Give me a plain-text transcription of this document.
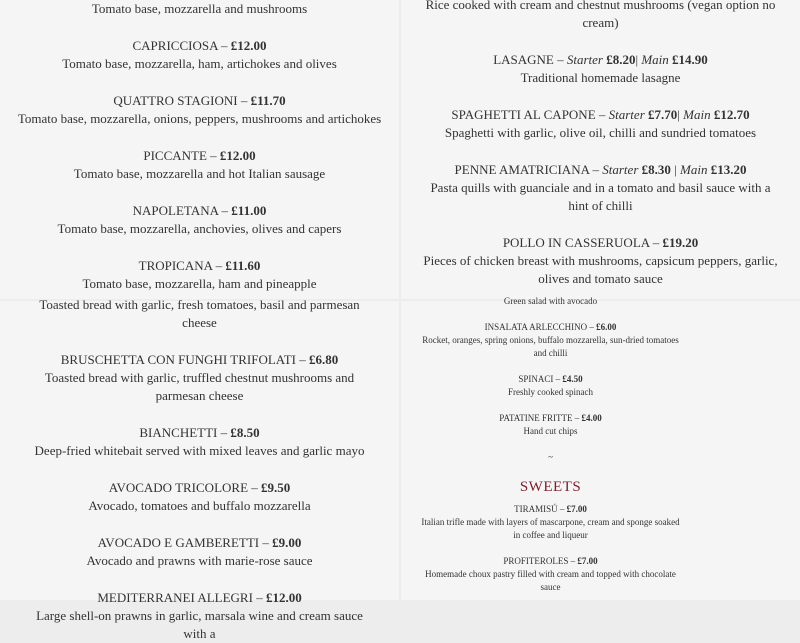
Tomato base, mozzarella and mushrooms

CAPRICCIOSA – £12.00

Tomato base, mozzarella, ham, artichokes and olives

QUATTRO STAGIONI – £11.70

Tomato base, mozzarella, onions, peppers, mushrooms and artichokes

PICCANTE – £12.00

Tomato base, mozzarella and hot Italian sausage

NAPOLETANA – £11.00

Tomato base, mozzarella, anchovies, olives and capers

TROPICANA – £11.60

Tomato base, mozzarella, ham and pineapple

Rice cooked with cream and chestnut mushrooms (vegan option no cream)

LASAGNE – Starter £8.20| Main £14.90

Traditional homemade lasagne

SPAGHETTI AL CAPONE – Starter £7.70| Main £12.70

Spaghetti with garlic, olive oil, chilli and sundried tomatoes

PENNE AMATRICIANA – Starter £8.30 | Main £13.20

Pasta quills with guanciale and in a tomato and basil sauce with a hint of chilli

POLLO IN CASSERUOLA – £19.20

Pieces of chicken breast with mushrooms, capsicum peppers, garlic, olives and tomato sauce

Toasted bread with garlic, fresh tomatoes, basil and parmesan cheese

BRUSCHETTA CON FUNGHI TRIFOLATI – £6.80

Toasted bread with garlic, truffled chestnut mushrooms and parmesan cheese

BIANCHETTI – £8.50

Deep-fried whitebait served with mixed leaves and garlic mayo

AVOCADO TRICOLORE – £9.50

Avocado, tomatoes and buffalo mozzarella

AVOCADO E GAMBERETTI – £9.00

Avocado and prawns with marie-rose sauce

MEDITERRANEI ALLEGRI – £12.00

Large shell-on prawns in garlic, marsala wine and cream sauce with a

Green salad with avocado

INSALATA ARLECCHINO – £6.00

Rocket, oranges, spring onions, buffalo mozzarella, sun-dried tomatoes and chilli

SPINACI – £4.50

Freshly cooked spinach

PATATINE FRITTE – £4.00

Hand cut chips

~

SWEETS

TIRAMISÚ – £7.00

Italian trifle made with layers of mascarpone, cream and sponge soaked in coffee and liqueur

PROFITEROLES – £7.00

Homemade choux pastry filled with cream and topped with chocolate sauce
